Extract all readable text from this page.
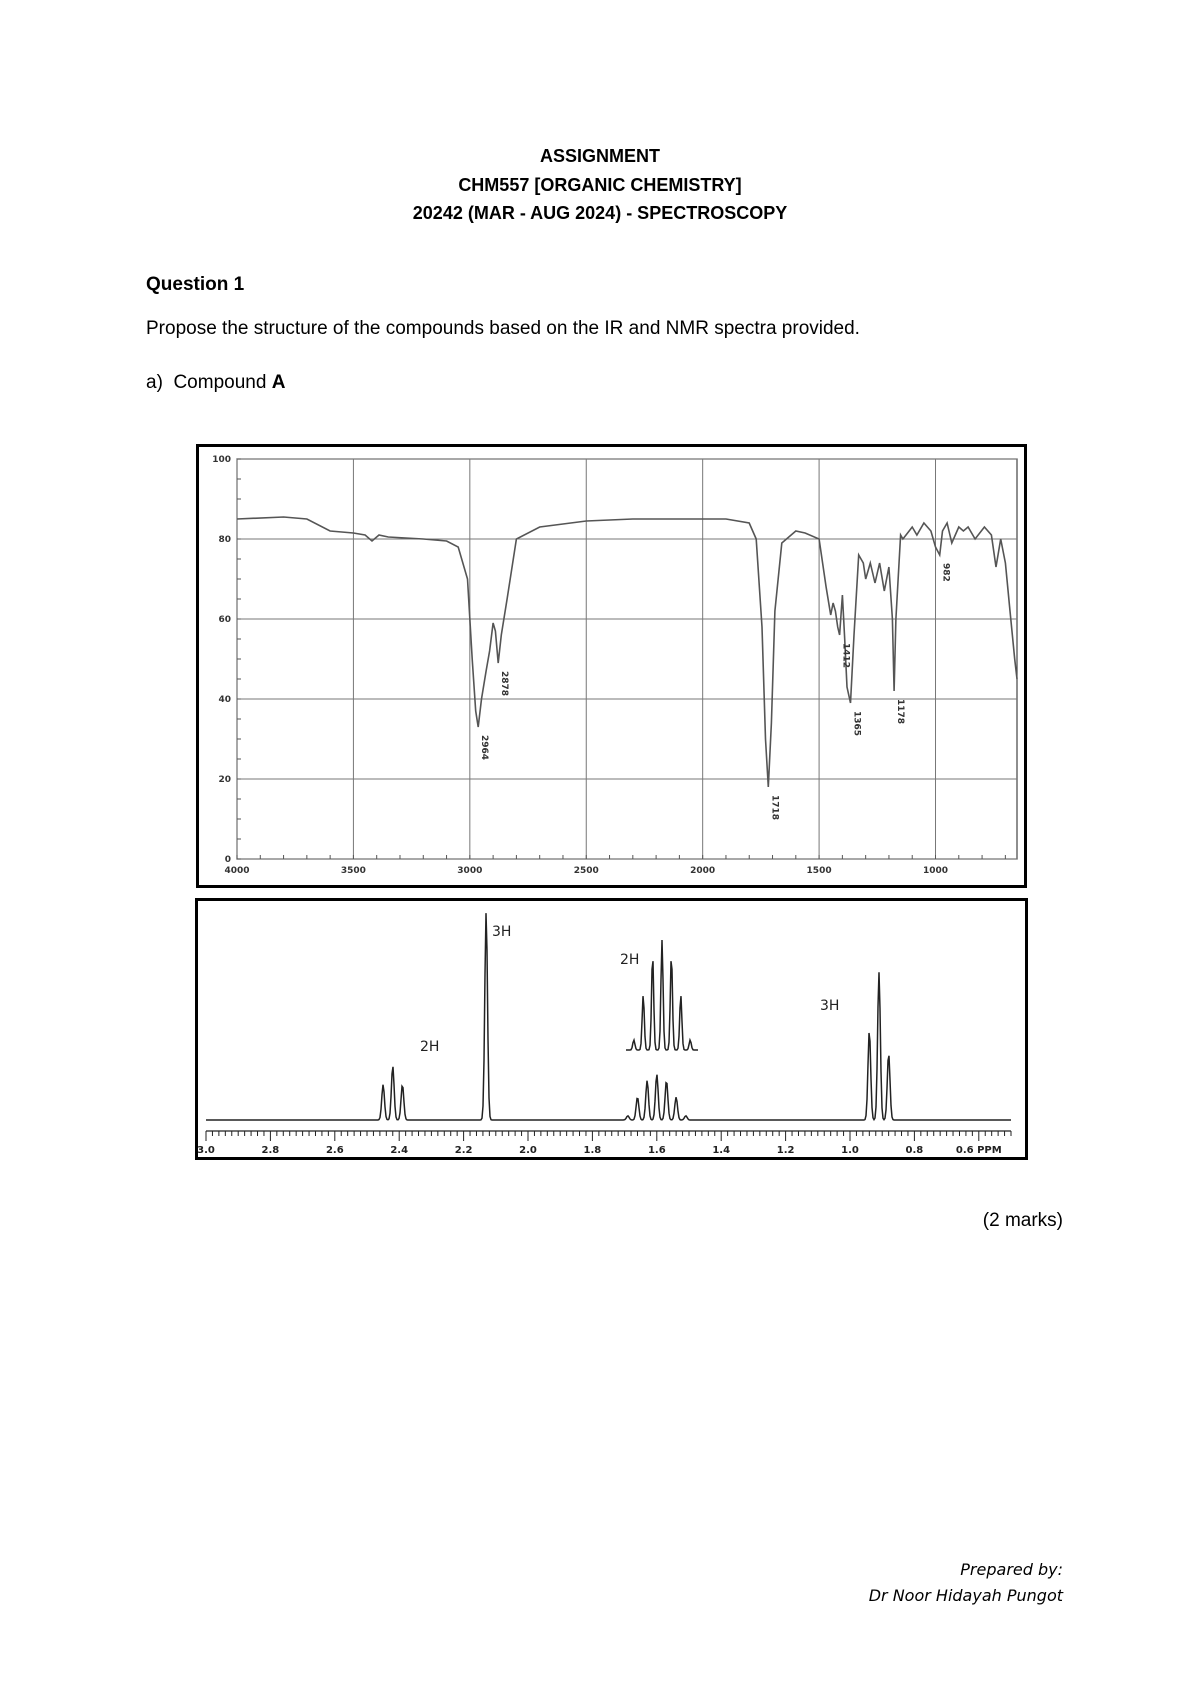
ASSIGNMENT
CHM557 [ORGANIC CHEMISTRY]
20242 (MAR - AUG 2024) - SPECTROSCOPY
Question 1
Propose the structure of the compounds based on the IR and NMR spectra provided.
a)  Compound A
4000	3500	3000	2500	2000	1500	1000
0
20
40
60
80
100
2964
2878
1718
1412
1365	1178
982
3.0	2.8	2.6	2.4	2.2	2.0	1.8	1.6	1.4	1.2	1.0	0.8	0.6 PPM
2H
3H
2H
3H
(2 marks)
Prepared by:
Dr Noor Hidayah Pungot
